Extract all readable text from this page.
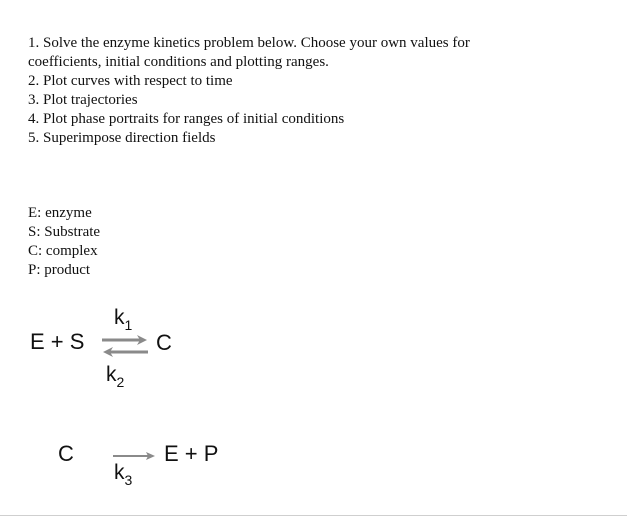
1. Solve the enzyme kinetics problem below. Choose your own values for
coefficients, initial conditions and plotting ranges.
2. Plot curves with respect to time
3. Plot trajectories
4. Plot phase portraits for ranges of initial conditions
5. Superimpose direction fields
E: enzyme
S: Substrate
C: complex
P: product
E + S
k1
⇌ C
k2
C	E + P
k3
